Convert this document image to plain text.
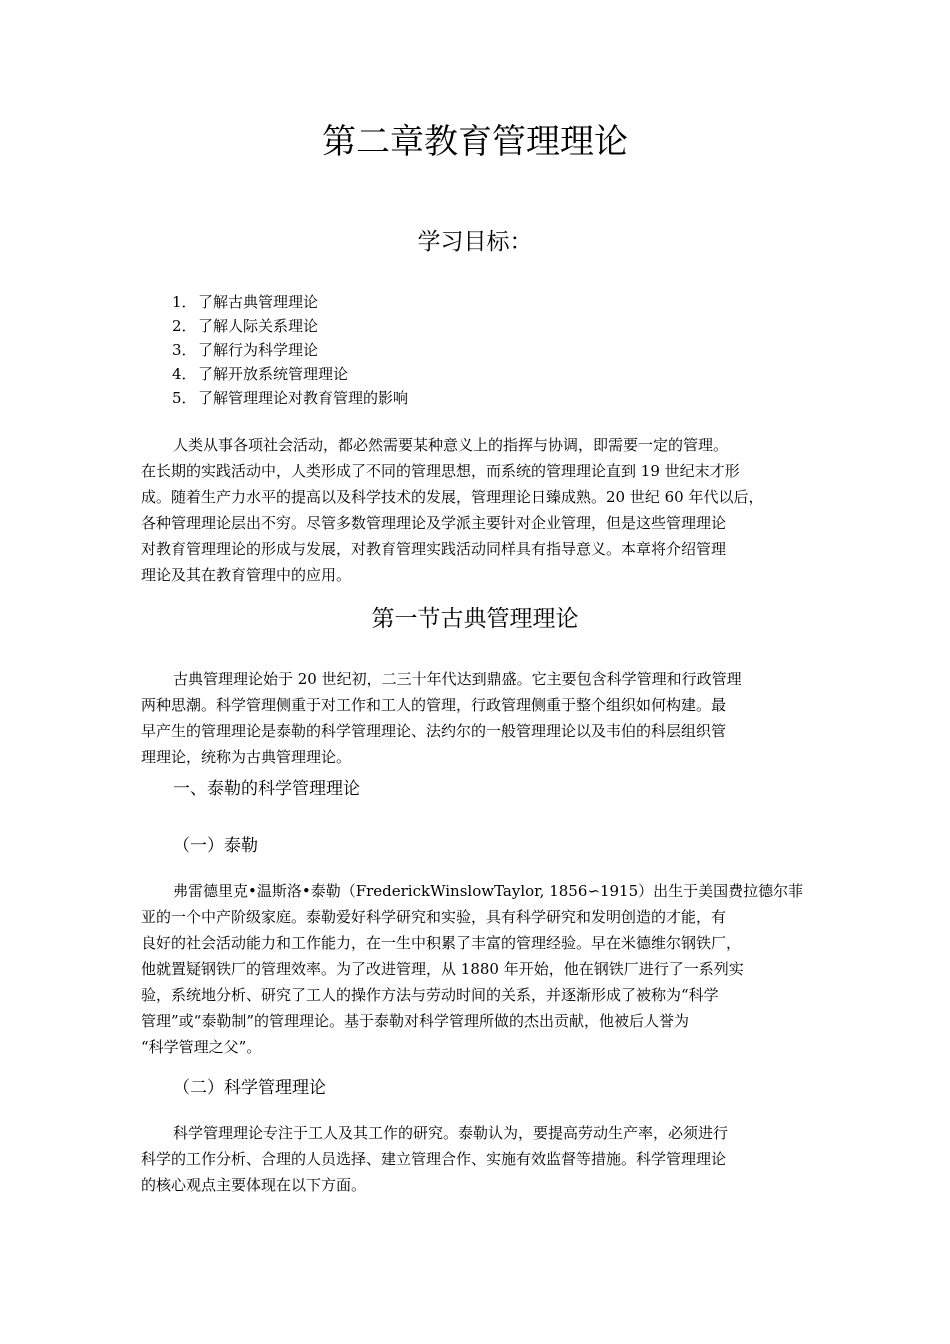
第二章教育管理理论
学习目标：
1．了解古典管理理论
2．了解人际关系理论
3．了解行为科学理论
4．了解开放系统管理理论
5．了解管理理论对教育管理的影响
人类从事各项社会活动，都必然需要某种意义上的指挥与协调，即需要一定的管理。
在长期的实践活动中，人类形成了不同的管理思想，而系统的管理理论直到 19 世纪末才形
成。随着生产力水平的提高以及科学技术的发展，管理理论日臻成熟。20 世纪 60 年代以后，
各种管理理论层出不穷。尽管多数管理理论及学派主要针对企业管理，但是这些管理理论
对教育管理理论的形成与发展，对教育管理实践活动同样具有指导意义。本章将介绍管理
理论及其在教育管理中的应用。
第一节古典管理理论
古典管理理论始于 20 世纪初，二三十年代达到鼎盛。它主要包含科学管理和行政管理
两种思潮。科学管理侧重于对工作和工人的管理，行政管理侧重于整个组织如何构建。最
早产生的管理理论是泰勒的科学管理理论、法约尔的一般管理理论以及韦伯的科层组织管
理理论，统称为古典管理理论。
一、泰勒的科学管理理论
（一）泰勒
弗雷德里克•温斯洛•泰勒（FrederickWinslowTaylor, 1856∽1915）出生于美国费拉德尔菲
亚的一个中产阶级家庭。泰勒爱好科学研究和实验，具有科学研究和发明创造的才能，有
良好的社会活动能力和工作能力，在一生中积累了丰富的管理经验。早在米德维尔钢铁厂，
他就置疑钢铁厂的管理效率。为了改进管理，从 1880 年开始，他在钢铁厂进行了一系列实
验，系统地分析、研究了工人的操作方法与劳动时间的关系，并逐渐形成了被称为“科学
管理”或“泰勒制”的管理理论。基于泰勒对科学管理所做的杰出贡献，他被后人誉为
“科学管理之父”。
（二）科学管理理论
科学管理理论专注于工人及其工作的研究。泰勒认为，要提高劳动生产率，必须进行
科学的工作分析、合理的人员选择、建立管理合作、实施有效监督等措施。科学管理理论
的核心观点主要体现在以下方面。
